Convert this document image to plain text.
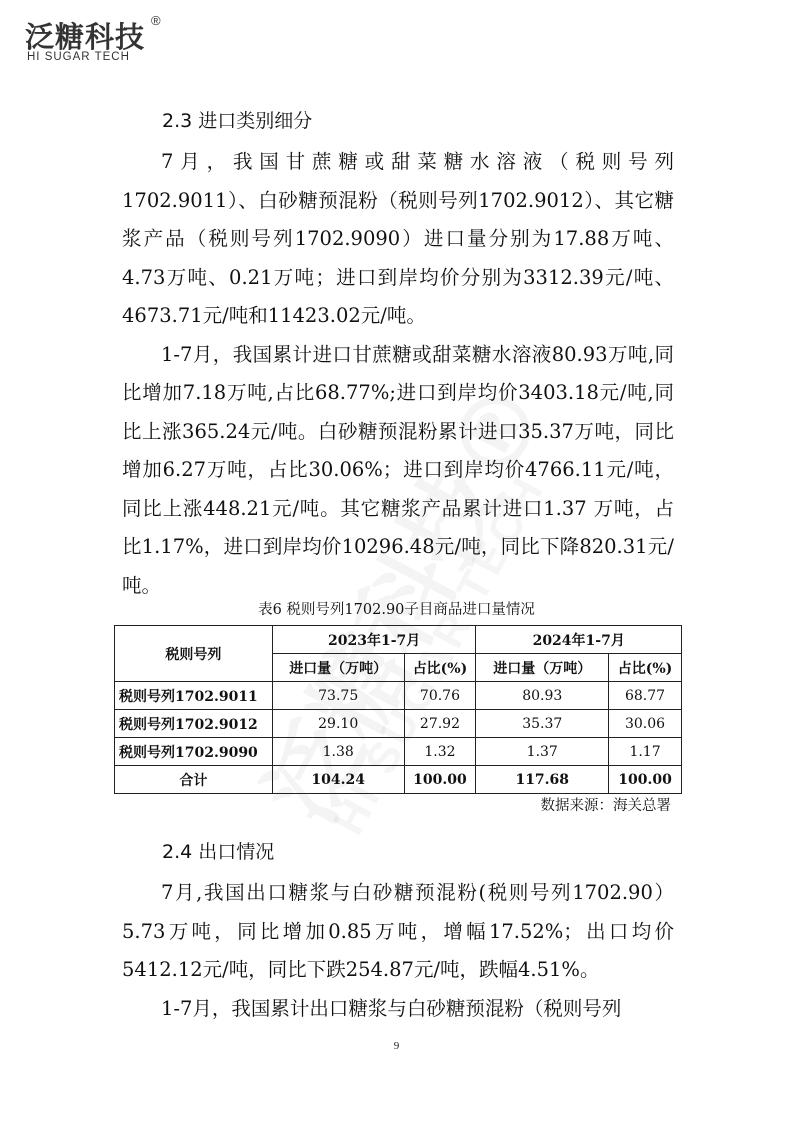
泛糖科技 ®
HI SUGAR TECH
2.3 进口类别细分

7月，我国甘蔗糖或甜菜糖水溶液（税则号列1702.9011）、白砂糖预混粉（税则号列1702.9012）、其它糖浆产品（税则号列1702.9090）进口量分别为17.88万吨、4.73万吨、0.21万吨；进口到岸均价分别为3312.39元/吨、4673.71元/吨和11423.02元/吨。

1-7月，我国累计进口甘蔗糖或甜菜糖水溶液80.93万吨,同比增加7.18万吨,占比68.77%;进口到岸均价3403.18元/吨,同比上涨365.24元/吨。白砂糖预混粉累计进口35.37万吨，同比增加6.27万吨，占比30.06%；进口到岸均价4766.11元/吨，同比上涨448.21元/吨。其它糖浆产品累计进口1.37 万吨，占比1.17%，进口到岸均价10296.48元/吨，同比下降820.31元/吨。

表6 税则号列1702.90子目商品进口量情况
税则号列	2023年1-7月		2024年1-7月	
	进口量（万吨）	占比(%)	进口量（万吨）	占比(%)
税则号列1702.9011	73.75	70.76	80.93	68.77
税则号列1702.9012	29.10	27.92	35.37	30.06
税则号列1702.9090	1.38	1.32	1.37	1.17
合计	104.24	100.00	117.68	100.00
数据来源：海关总署
2.4 出口情况

7月,我国出口糖浆与白砂糖预混粉(税则号列1702.90）5.73万吨，同比增加0.85万吨，增幅17.52%；出口均价5412.12元/吨，同比下跌254.87元/吨，跌幅4.51%。

1-7月，我国累计出口糖浆与白砂糖预混粉（税则号列

9
